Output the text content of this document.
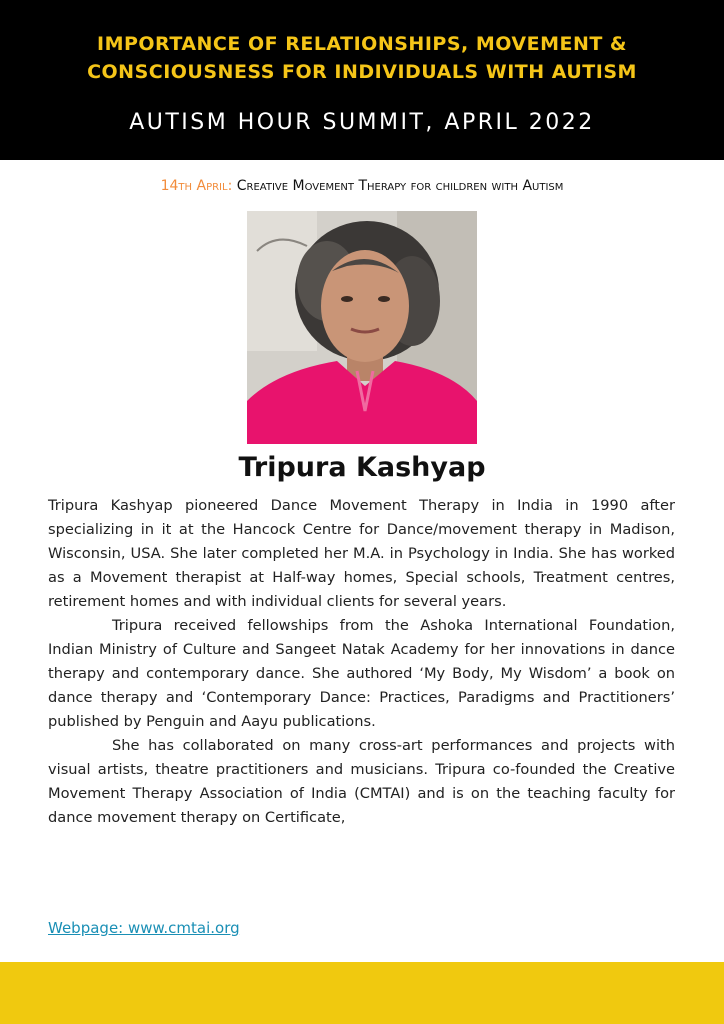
IMPORTANCE OF RELATIONSHIPS, MOVEMENT &
CONSCIOUSNESS FOR INDIVIDUALS WITH AUTISM
AUTISM HOUR SUMMIT, APRIL 2022
14th April: Creative Movement Therapy for children with Autism
Tripura Kashyap

Tripura Kashyap pioneered Dance Movement Therapy in India in 1990 after specializing in it at the Hancock Centre for Dance/movement therapy in Madison, Wisconsin, USA. She later completed her M.A. in Psychology in India. She has worked as a Movement therapist at Half-way homes, Special schools, Treatment centres, retirement homes and with individual clients for several years.

Tripura received fellowships from the Ashoka International Foundation, Indian Ministry of Culture and Sangeet Natak Academy for her innovations in dance therapy and contemporary dance. She authored ‘My Body, My Wisdom’ a book on dance therapy and ‘Contemporary Dance: Practices, Paradigms and Practitioners’ published by Penguin and Aayu publications.

She has collaborated on many cross-art performances and projects with visual artists, theatre practitioners and musicians. Tripura co-founded the Creative Movement Therapy Association of India (CMTAI) and is on the teaching faculty for dance movement therapy on Certificate,

Webpage: www.cmtai.org
